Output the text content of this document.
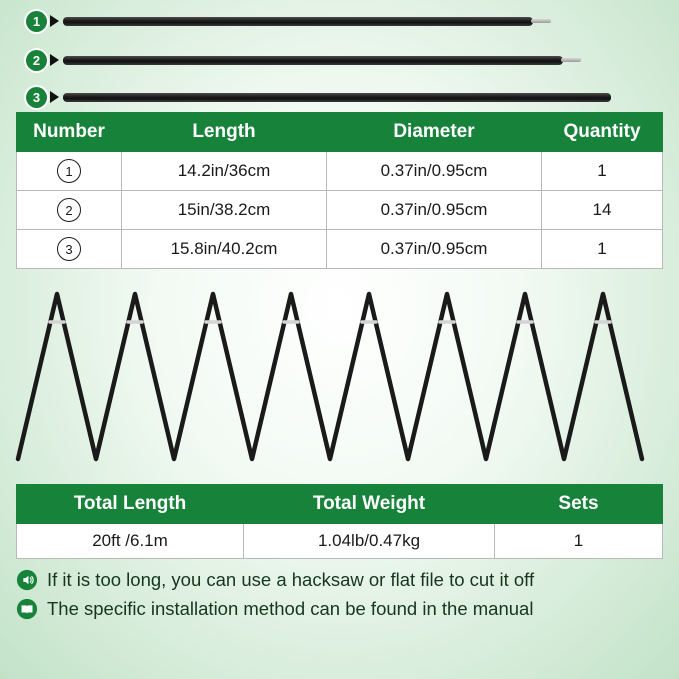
1
2
3
Number	Length	Diameter	Quantity
1	14.2in/36cm	0.37in/0.95cm	1
2	15in/38.2cm	0.37in/0.95cm	14
3	15.8in/40.2cm	0.37in/0.95cm	1
Total Length	Total Weight	Sets
20ft /6.1m	1.04lb/0.47kg	1
If it is too long, you can use a hacksaw or flat file to cut it off
The specific installation method can be found in the manual
